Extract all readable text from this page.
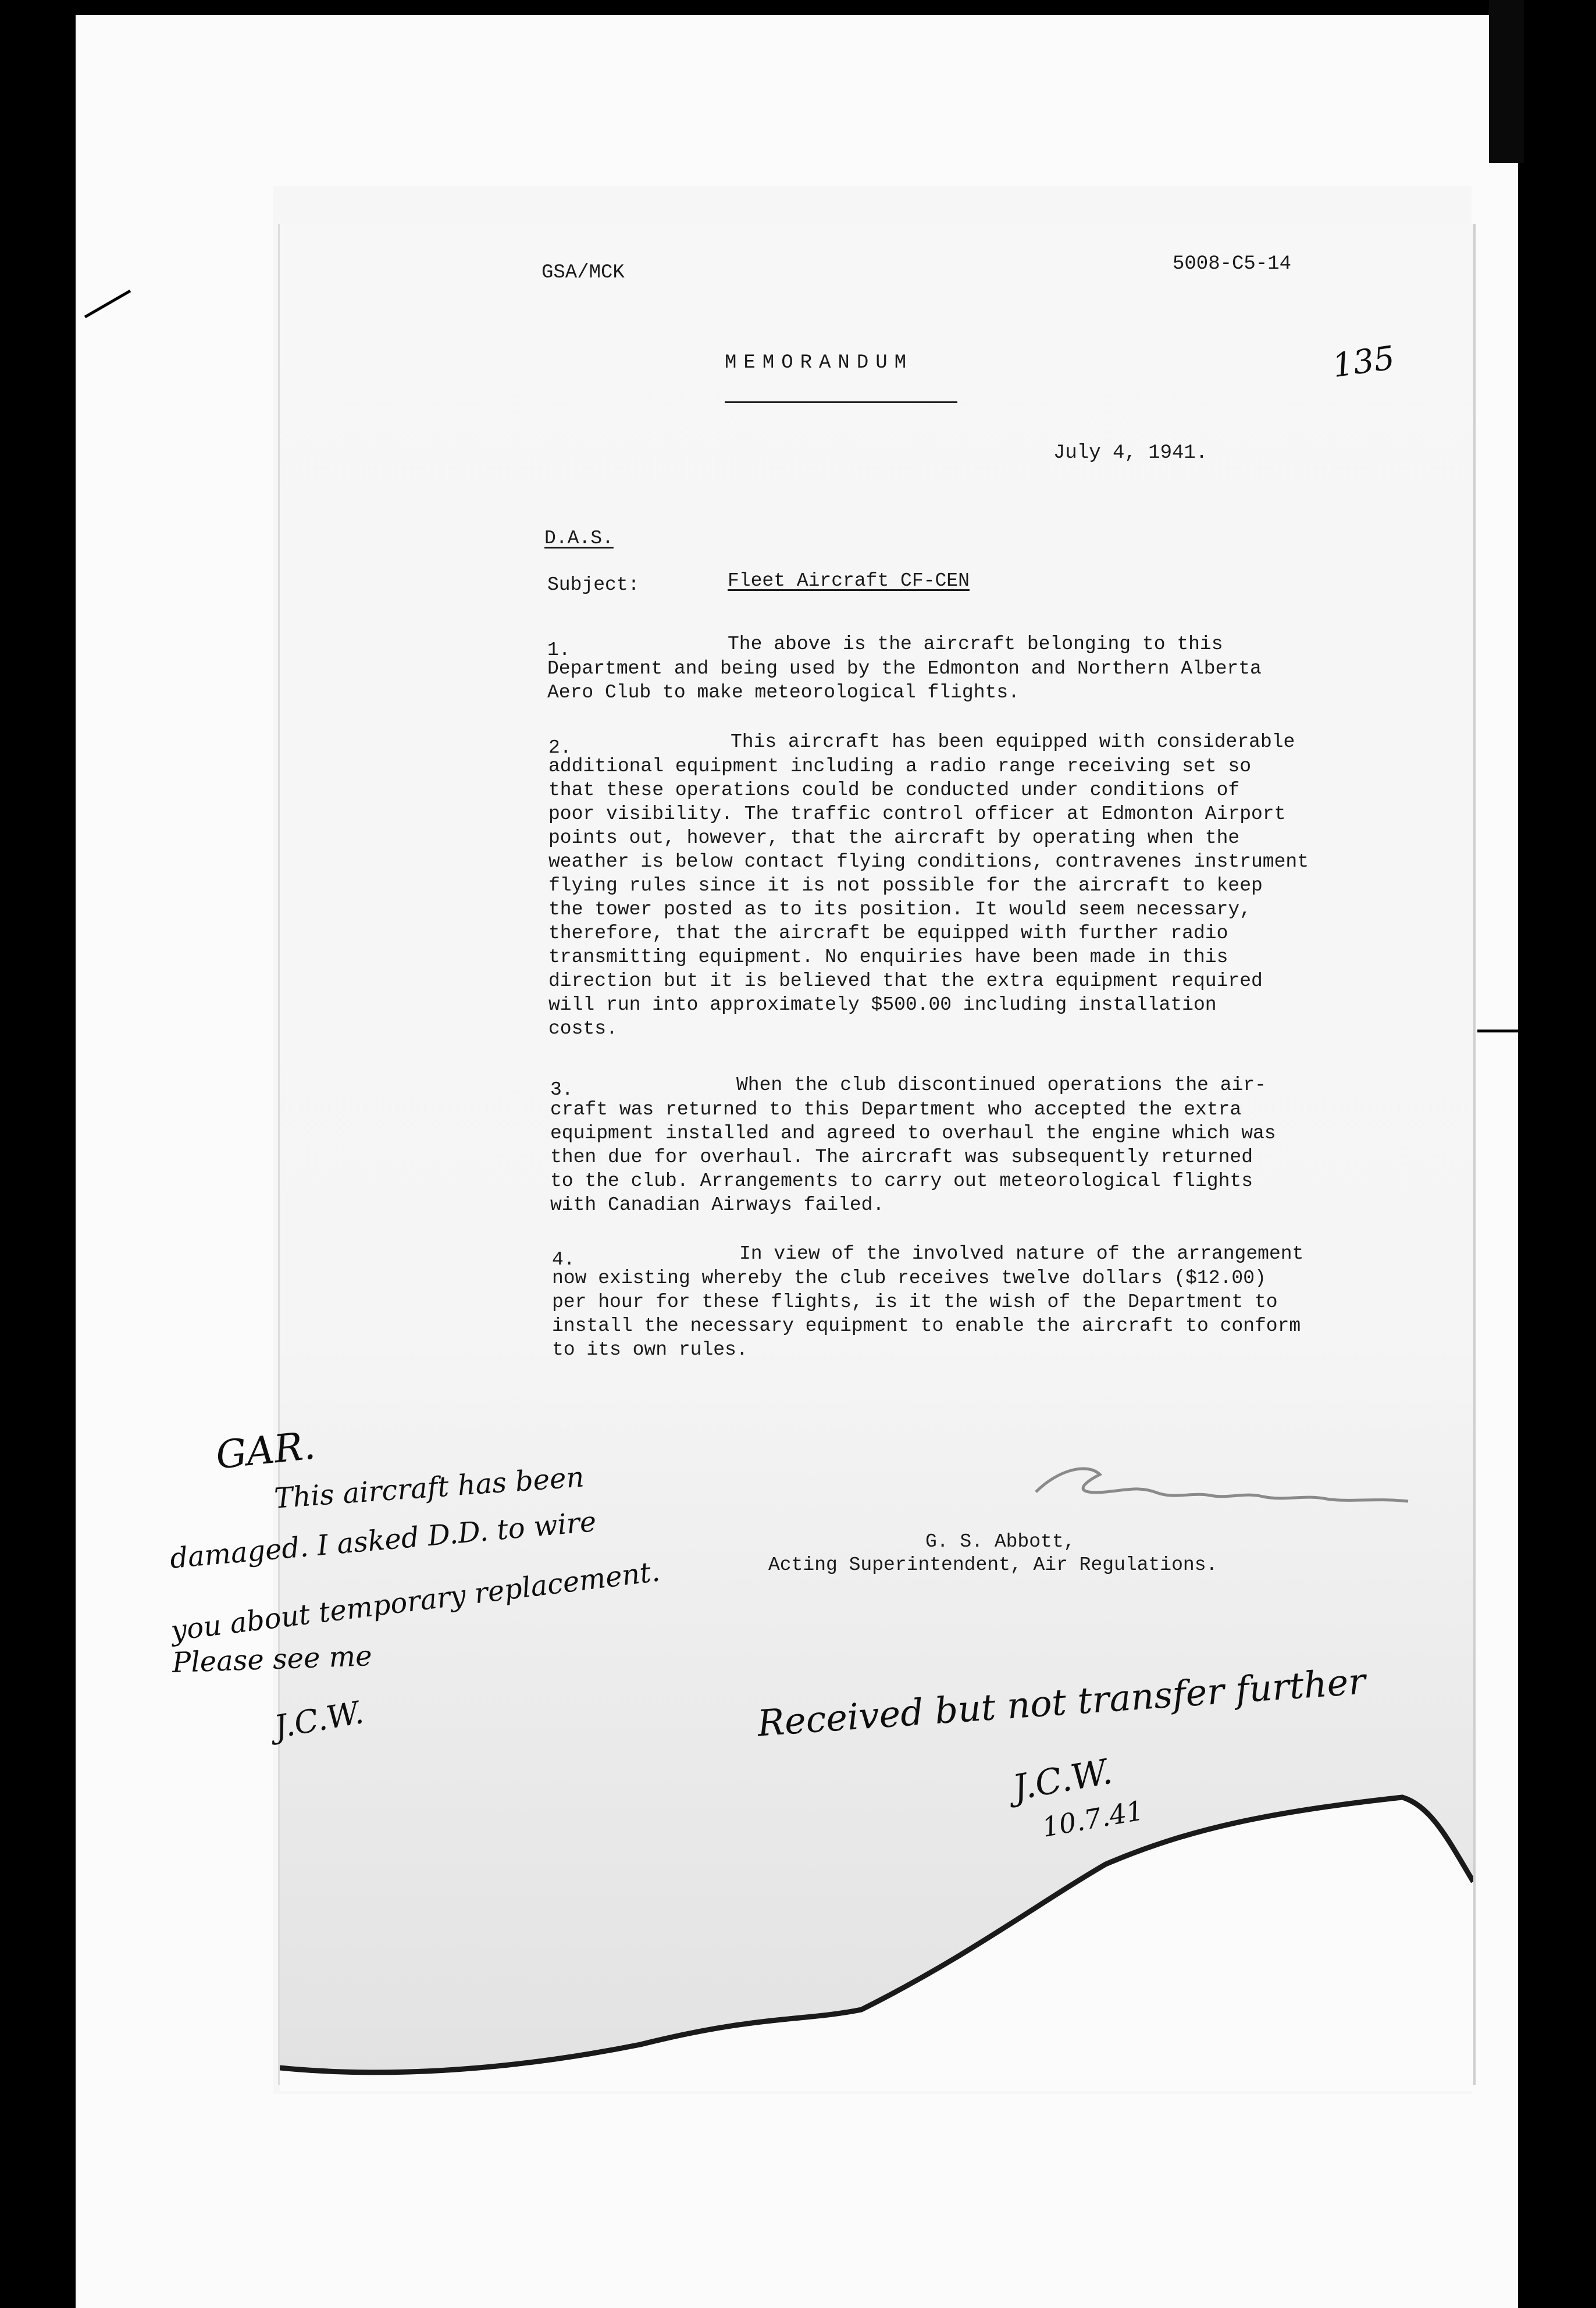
GSA/MCK	5008-C5-14
MEMORANDUM	135
July 4, 1941.
D.A.S.
Subject:	Fleet Aircraft CF-CEN
1.	The above is the aircraft belonging to this
Department and being used by the Edmonton and Northern Alberta
Aero Club to make meteorological flights.
2.	This aircraft has been equipped with considerable
additional equipment including a radio range receiving set so
that these operations could be conducted under conditions of
poor visibility. The traffic control officer at Edmonton Airport
points out, however, that the aircraft by operating when the
weather is below contact flying conditions, contravenes instrument
flying rules since it is not possible for the aircraft to keep
the tower posted as to its position. It would seem necessary,
therefore, that the aircraft be equipped with further radio
transmitting equipment. No enquiries have been made in this
direction but it is believed that the extra equipment required
will run into approximately $500.00 including installation
costs.
3.	When the club discontinued operations the air-
craft was returned to this Department who accepted the extra
equipment installed and agreed to overhaul the engine which was
then due for overhaul. The aircraft was subsequently returned
to the club. Arrangements to carry out meteorological flights
with Canadian Airways failed.
4.	In view of the involved nature of the arrangement
now existing whereby the club receives twelve dollars ($12.00)
per hour for these flights, is it the wish of the Department to
install the necessary equipment to enable the aircraft to conform
to its own rules.
G. S. Abbott,
Acting Superintendent, Air Regulations.
GAR.
This aircraft has been
damaged. I asked D.D. to wire
you about temporary replacement.
Please see me
J.C.W.	Received but not transfer further
J.C.W.
10.7.41
